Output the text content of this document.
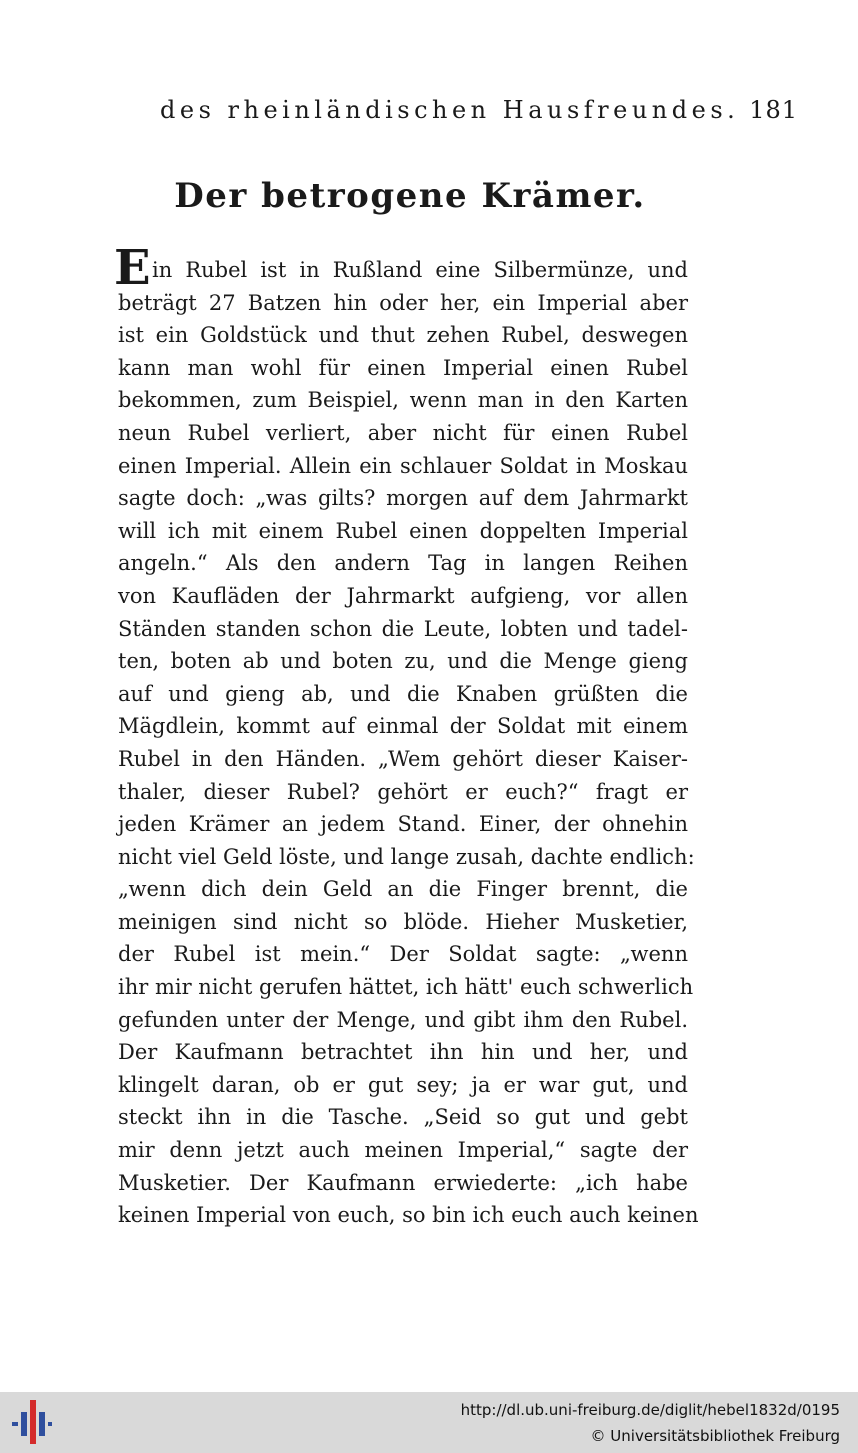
des rheinländischen Hausfreundes. 181
Der betrogene Krämer.
E in Rubel ist in Rußland eine Silbermünze, und
beträgt 27 Batzen hin oder her, ein Imperial aber
ist ein Goldstück und thut zehen Rubel, deswegen
kann man wohl für einen Imperial einen Rubel
bekommen, zum Beispiel, wenn man in den Karten
neun Rubel verliert, aber nicht für einen Rubel
einen Imperial. Allein ein schlauer Soldat in Moskau
sagte doch: „was gilts? morgen auf dem Jahrmarkt
will ich mit einem Rubel einen doppelten Imperial
angeln.“ Als den andern Tag in langen Reihen
von Kaufläden der Jahrmarkt aufgieng, vor allen
Ständen standen schon die Leute, lobten und tadel-
ten, boten ab und boten zu, und die Menge gieng
auf und gieng ab, und die Knaben grüßten die
Mägdlein, kommt auf einmal der Soldat mit einem
Rubel in den Händen. „Wem gehört dieser Kaiser-
thaler, dieser Rubel? gehört er euch?“ fragt er
jeden Krämer an jedem Stand. Einer, der ohnehin
nicht viel Geld löste, und lange zusah, dachte endlich:
„wenn dich dein Geld an die Finger brennt, die
meinigen sind nicht so blöde. Hieher Musketier,
der Rubel ist mein.“ Der Soldat sagte: „wenn
ihr mir nicht gerufen hättet, ich hätt' euch schwerlich
gefunden unter der Menge, und gibt ihm den Rubel.
Der Kaufmann betrachtet ihn hin und her, und
klingelt daran, ob er gut sey; ja er war gut, und
steckt ihn in die Tasche. „Seid so gut und gebt
mir denn jetzt auch meinen Imperial,“ sagte der
Musketier. Der Kaufmann erwiederte: „ich habe
keinen Imperial von euch, so bin ich euch auch keinen
http://dl.ub.uni-freiburg.de/diglit/hebel1832d/0195
© Universitätsbibliothek Freiburg
